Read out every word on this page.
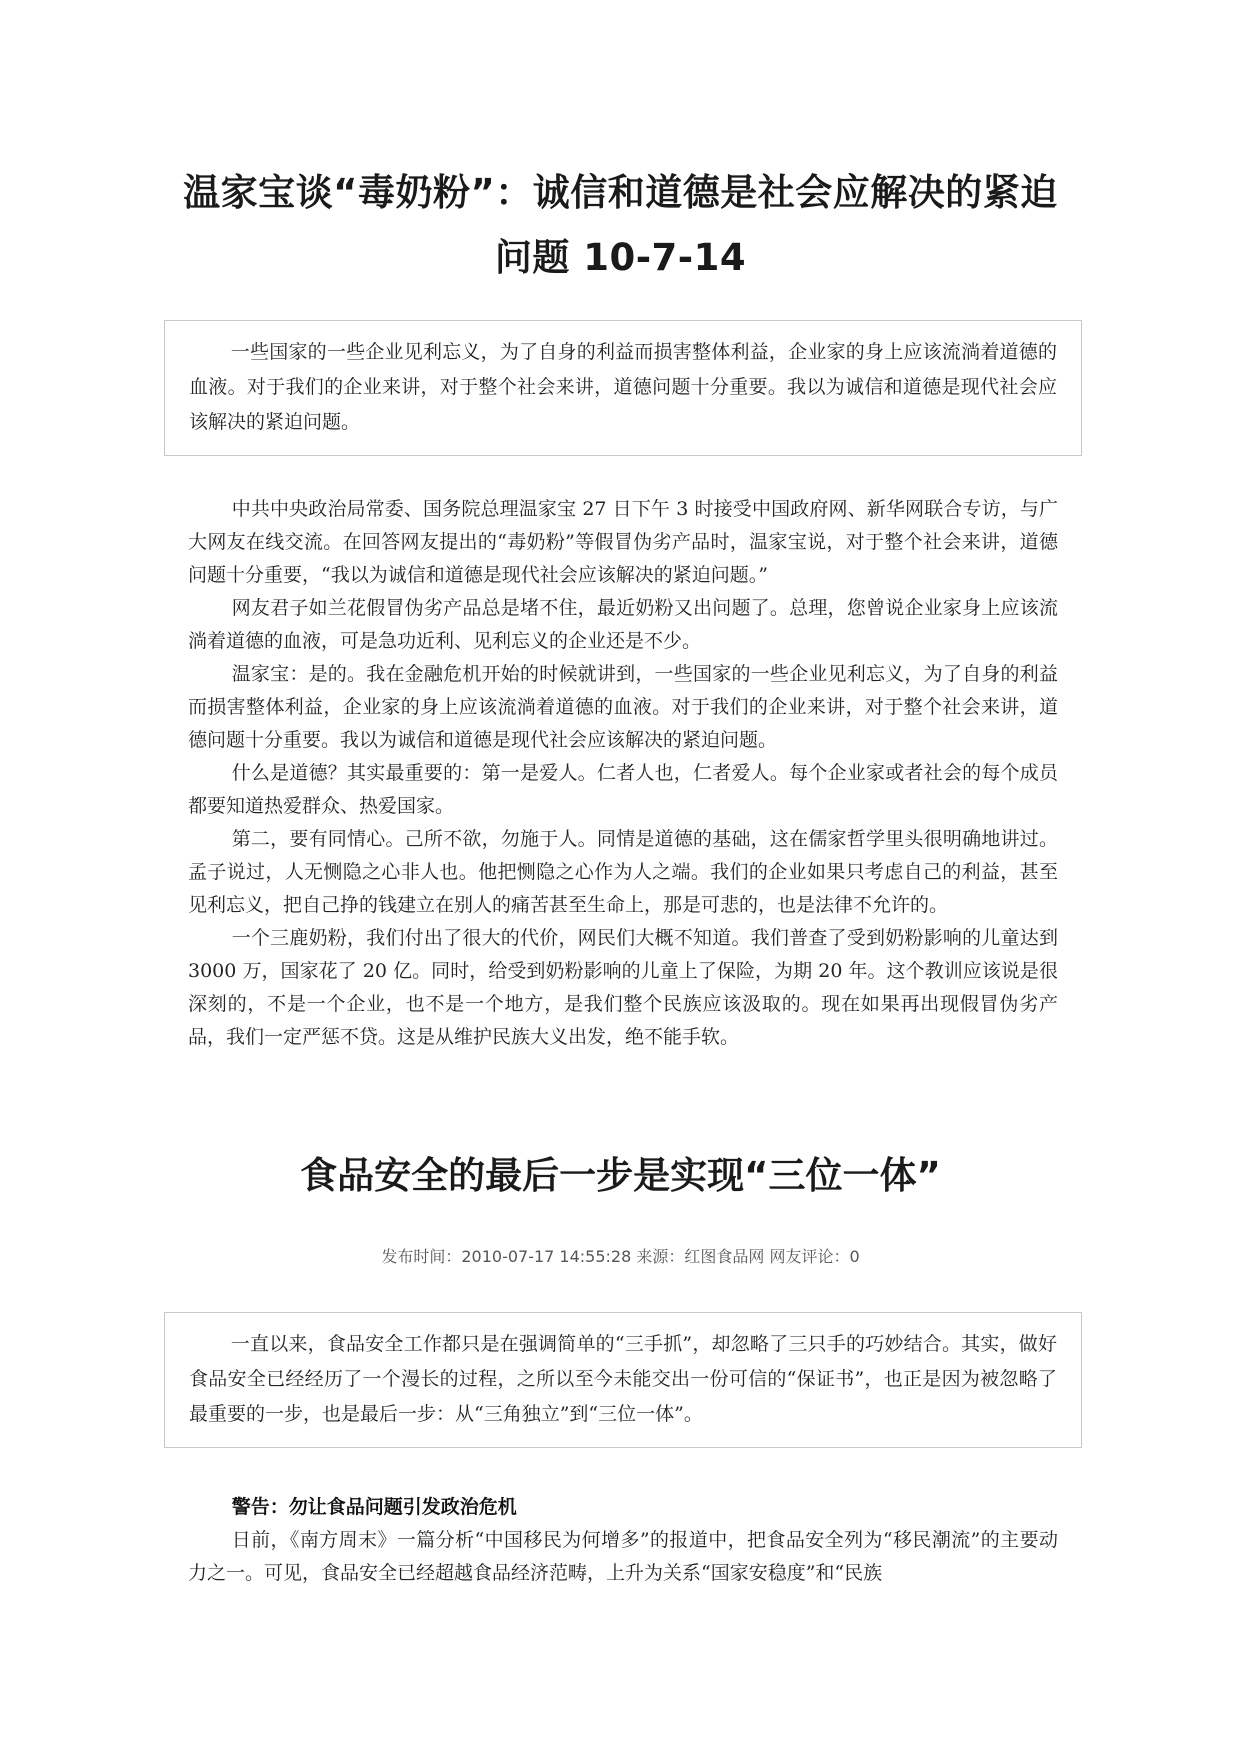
温家宝谈“毒奶粉”：诚信和道德是社会应解决的紧迫
问题 10-7-14

一些国家的一些企业见利忘义，为了自身的利益而损害整体利益，企业家的身上应该流淌着道德的血液。对于我们的企业来讲，对于整个社会来讲，道德问题十分重要。我以为诚信和道德是现代社会应该解决的紧迫问题。

中共中央政治局常委、国务院总理温家宝 27 日下午 3 时接受中国政府网、新华网联合专访，与广大网友在线交流。在回答网友提出的“毒奶粉”等假冒伪劣产品时，温家宝说，对于整个社会来讲，道德问题十分重要，“我以为诚信和道德是现代社会应该解决的紧迫问题。”

网友君子如兰花假冒伪劣产品总是堵不住，最近奶粉又出问题了。总理，您曾说企业家身上应该流淌着道德的血液，可是急功近利、见利忘义的企业还是不少。

温家宝：是的。我在金融危机开始的时候就讲到，一些国家的一些企业见利忘义，为了自身的利益而损害整体利益，企业家的身上应该流淌着道德的血液。对于我们的企业来讲，对于整个社会来讲，道德问题十分重要。我以为诚信和道德是现代社会应该解决的紧迫问题。

什么是道德？其实最重要的：第一是爱人。仁者人也，仁者爱人。每个企业家或者社会的每个成员都要知道热爱群众、热爱国家。

第二，要有同情心。己所不欲，勿施于人。同情是道德的基础，这在儒家哲学里头很明确地讲过。孟子说过，人无恻隐之心非人也。他把恻隐之心作为人之端。我们的企业如果只考虑自己的利益，甚至见利忘义，把自己挣的钱建立在别人的痛苦甚至生命上，那是可悲的，也是法律不允许的。

一个三鹿奶粉，我们付出了很大的代价，网民们大概不知道。我们普查了受到奶粉影响的儿童达到 3000 万，国家花了 20 亿。同时，给受到奶粉影响的儿童上了保险，为期 20 年。这个教训应该说是很深刻的，不是一个企业，也不是一个地方，是我们整个民族应该汲取的。现在如果再出现假冒伪劣产品，我们一定严惩不贷。这是从维护民族大义出发，绝不能手软。

食品安全的最后一步是实现“三位一体”
发布时间：2010-07-17 14:55:28 来源：红图食品网 网友评论：0

一直以来，食品安全工作都只是在强调简单的“三手抓”，却忽略了三只手的巧妙结合。其实，做好食品安全已经经历了一个漫长的过程，之所以至今未能交出一份可信的“保证书”，也正是因为被忽略了最重要的一步，也是最后一步：从“三角独立”到“三位一体”。

警告：勿让食品问题引发政治危机

日前，《南方周末》一篇分析“中国移民为何增多”的报道中，把食品安全列为“移民潮流”的主要动力之一。可见，食品安全已经超越食品经济范畴，上升为关系“国家安稳度”和“民族
